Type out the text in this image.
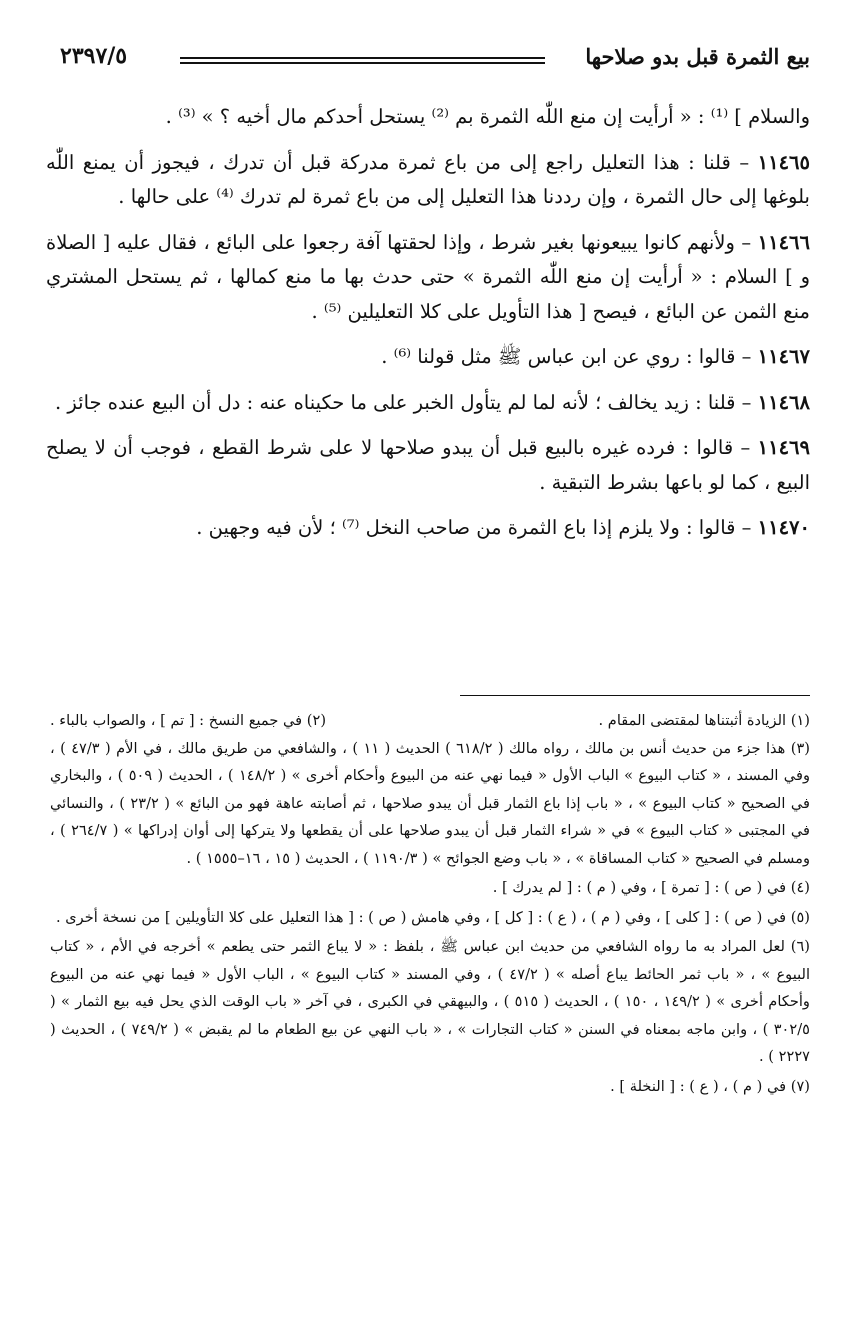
بيع الثمرة قبل بدو صلاحها
٢٣٩٧/٥

والسلام ] ⁽¹⁾ : « أرأيت إن منع اللّٰه الثمرة بم ⁽²⁾ يستحل أحدكم مال أخيه ؟ » ⁽³⁾ .

١١٤٦٥ – قلنا : هذا التعليل راجع إلى من باع ثمرة مدركة قبل أن تدرك ، فيجوز أن يمنع اللّٰه بلوغها إلى حال الثمرة ، وإن رددنا هذا التعليل إلى من باع ثمرة لم تدرك ⁽⁴⁾ على حالها .

١١٤٦٦ – ولأنهم كانوا يبيعونها بغير شرط ، وإذا لحقتها آفة رجعوا على البائع ، فقال عليه [ الصلاة و ] السلام : « أرأيت إن منع اللّٰه الثمرة » حتى حدث بها ما منع كمالها ، ثم يستحل المشتري منع الثمن عن البائع ، فيصح [ هذا التأويل على كلا التعليلين ⁽⁵⁾ .

١١٤٦٧ – قالوا : روي عن ابن عباس ﷺ مثل قولنا ⁽⁶⁾ .

١١٤٦٨ – قلنا : زيد يخالف ؛ لأنه لما لم يتأول الخبر على ما حكيناه عنه : دل أن البيع عنده جائز .

١١٤٦٩ – قالوا : فرده غيره بالبيع قبل أن يبدو صلاحها لا على شرط القطع ، فوجب أن لا يصلح البيع ، كما لو باعها بشرط التبقية .

١١٤٧٠ – قالوا : ولا يلزم إذا باع الثمرة من صاحب النخل ⁽⁷⁾ ؛ لأن فيه وجهين .

(١) الزيادة أثبتناها لمقتضى المقام .
(٢) في جميع النسخ : [ تم ] ، والصواب بالباء .

(٣) هذا جزء من حديث أنس بن مالك ، رواه مالك ( ٦١٨/٢ ) الحديث ( ١١ ) ، والشافعي من طريق مالك ، في الأم ( ٤٧/٣ ) ، وفي المسند ، « كتاب البيوع » الباب الأول « فيما نهي عنه من البيوع وأحكام أخرى » ( ١٤٨/٢ ) ، الحديث ( ٥٠٩ ) ، والبخاري في الصحيح « كتاب البيوع » ، « باب إذا باع الثمار قبل أن يبدو صلاحها ، ثم أصابته عاهة فهو من البائع » ( ٢٣/٢ ) ، والنسائي في المجتبى « كتاب البيوع » في « شراء الثمار قبل أن يبدو صلاحها على أن يقطعها ولا يتركها إلى أوان إدراكها » ( ٢٦٤/٧ ) ، ومسلم في الصحيح « كتاب المساقاة » ، « باب وضع الجوائح » ( ١١٩٠/٣ ) ، الحديث ( ١٥ ، ١٦–١٥٥٥ ) .

(٤) في ( ص ) : [ تمرة ] ، وفي ( م ) : [ لم يدرك ] .

(٥) في ( ص ) : [ كلى ] ، وفي ( م ) ، ( ع ) : [ كل ] ، وفي هامش ( ص ) : [ هذا التعليل على كلا التأويلين ] من نسخة أخرى .

(٦) لعل المراد به ما رواه الشافعي من حديث ابن عباس ﷺ ، بلفظ : « لا يباع الثمر حتى يطعم » أخرجه في الأم ، « كتاب البيوع » ، « باب ثمر الحائط يباع أصله » ( ٤٧/٢ ) ، وفي المسند « كتاب البيوع » ، الباب الأول « فيما نهي عنه من البيوع وأحكام أخرى » ( ١٤٩/٢ ، ١٥٠ ) ، الحديث ( ٥١٥ ) ، والبيهقي في الكبرى ، في آخر « باب الوقت الذي يحل فيه بيع الثمار » ( ٣٠٢/٥ ) ، وابن ماجه بمعناه في السنن « كتاب التجارات » ، « باب النهي عن بيع الطعام ما لم يقبض » ( ٧٤٩/٢ ) ، الحديث ( ٢٢٢٧ ) .

(٧) في ( م ) ، ( ع ) : [ النخلة ] .
